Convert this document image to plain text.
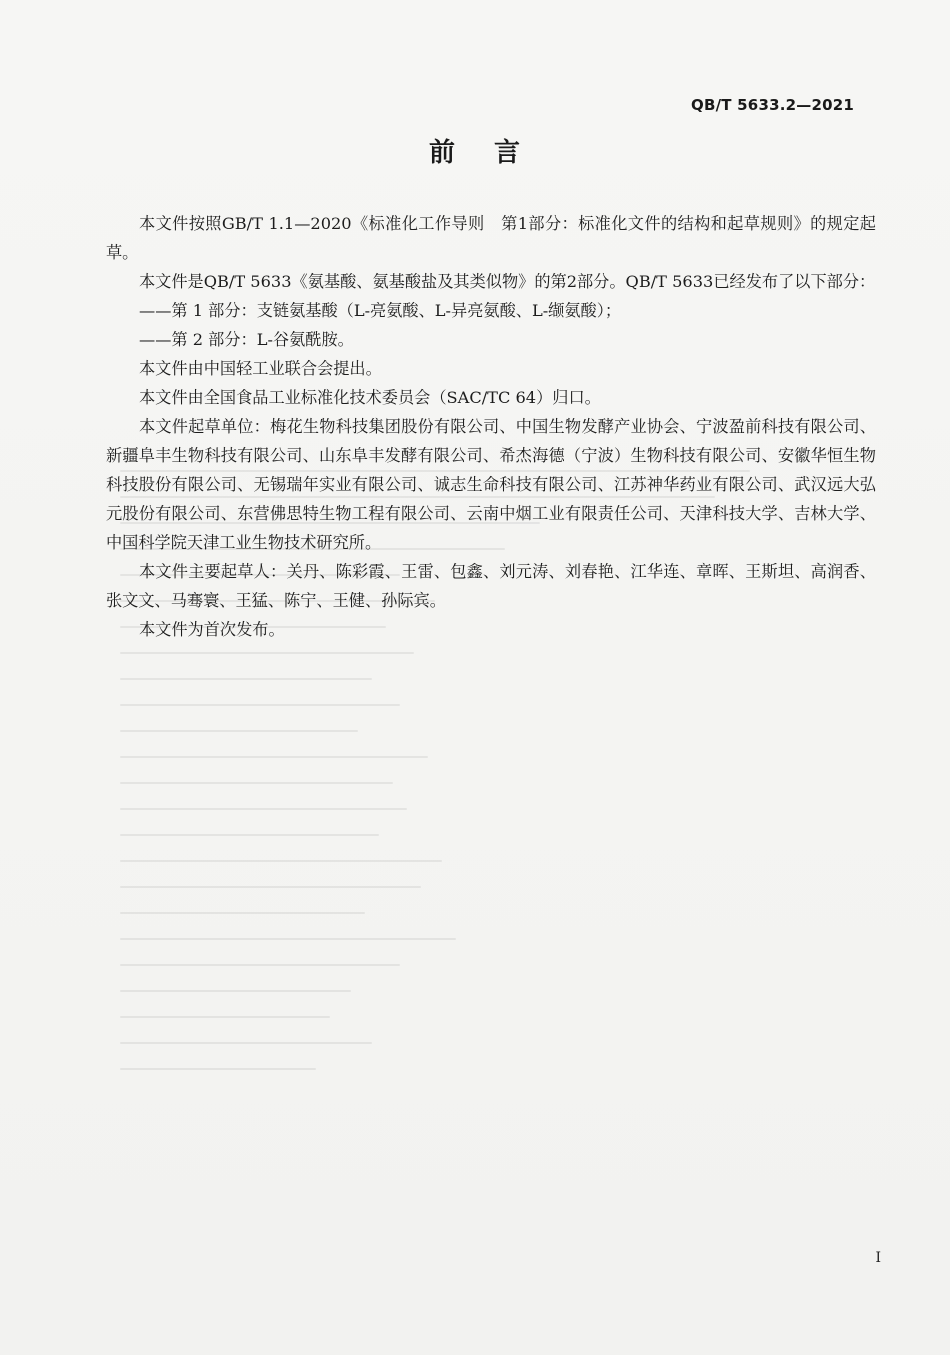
QB/T 5633.2—2021
前 言

本文件按照GB/T 1.1—2020《标准化工作导则　第1部分：标准化文件的结构和起草规则》的规定起草。

本文件是QB/T 5633《氨基酸、氨基酸盐及其类似物》的第2部分。QB/T 5633已经发布了以下部分：

——第 1 部分：支链氨基酸（L-亮氨酸、L-异亮氨酸、L-缬氨酸）；

——第 2 部分：L-谷氨酰胺。

本文件由中国轻工业联合会提出。

本文件由全国食品工业标准化技术委员会（SAC/TC 64）归口。

本文件起草单位：梅花生物科技集团股份有限公司、中国生物发酵产业协会、宁波盈前科技有限公司、新疆阜丰生物科技有限公司、山东阜丰发酵有限公司、希杰海德（宁波）生物科技有限公司、安徽华恒生物科技股份有限公司、无锡瑞年实业有限公司、诚志生命科技有限公司、江苏神华药业有限公司、武汉远大弘元股份有限公司、东营佛思特生物工程有限公司、云南中烟工业有限责任公司、天津科技大学、吉林大学、中国科学院天津工业生物技术研究所。

本文件主要起草人：关丹、陈彩霞、王雷、包鑫、刘元涛、刘春艳、江华连、章晖、王斯坦、高润香、张文文、马骞寰、王猛、陈宁、王健、孙际宾。

本文件为首次发布。

I
